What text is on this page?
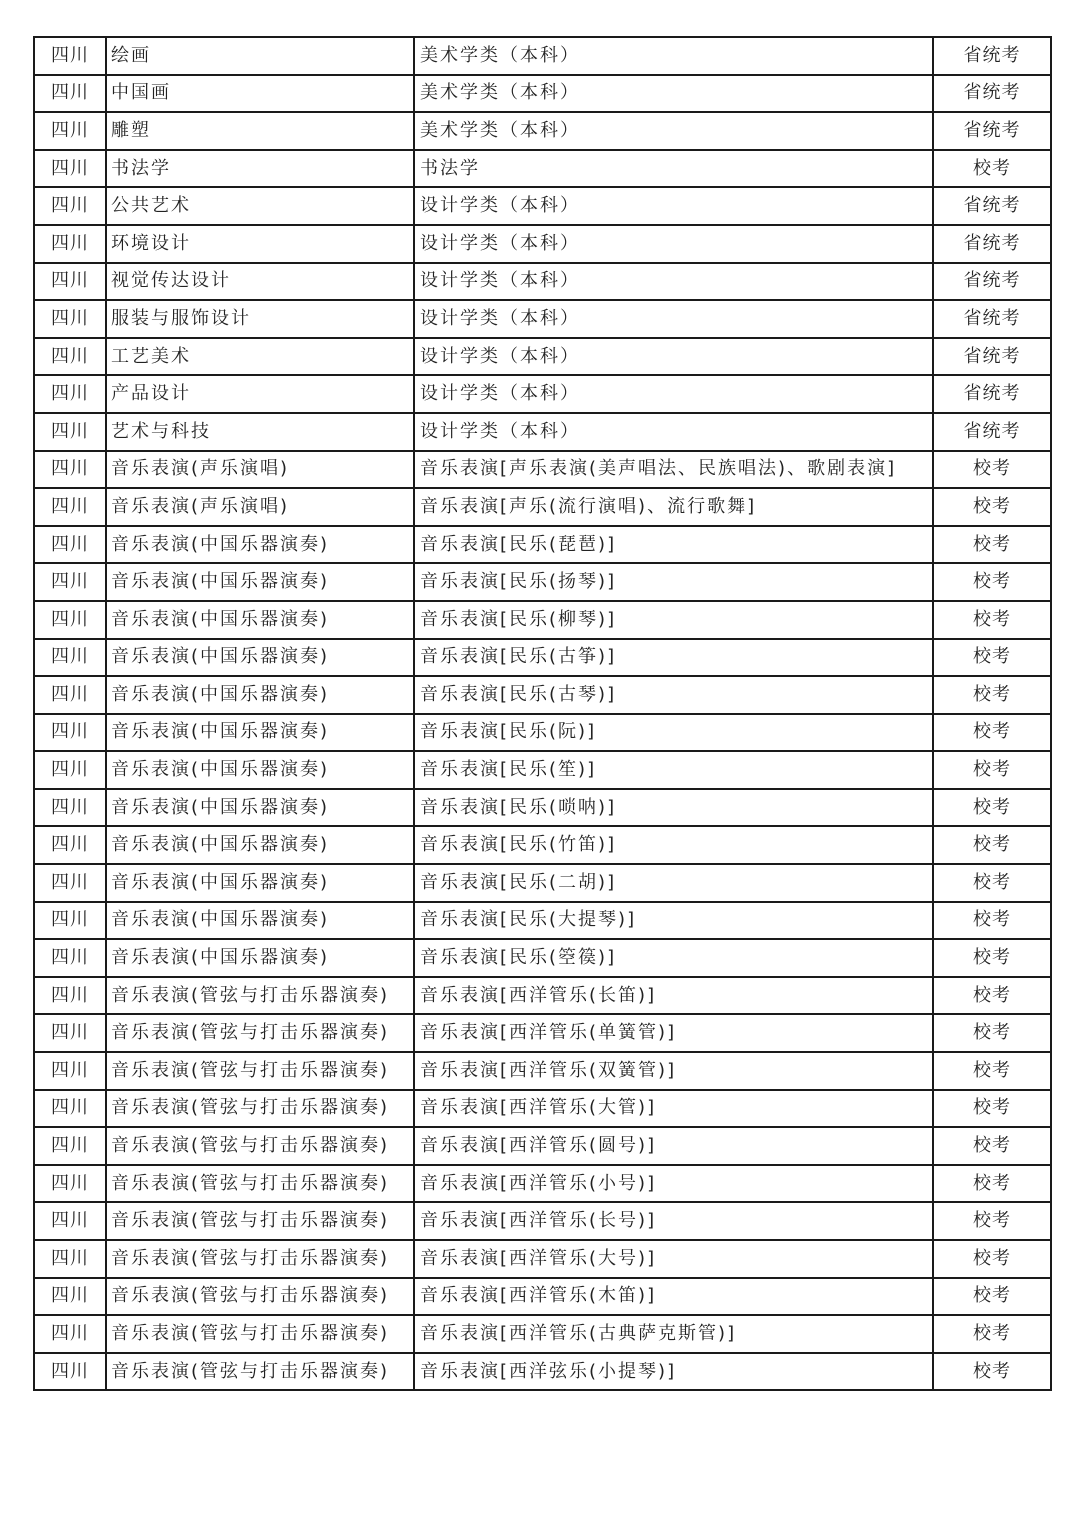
四川	绘画	美术学类（本科）	省统考
四川	中国画	美术学类（本科）	省统考
四川	雕塑	美术学类（本科）	省统考
四川	书法学	书法学	校考
四川	公共艺术	设计学类（本科）	省统考
四川	环境设计	设计学类（本科）	省统考
四川	视觉传达设计	设计学类（本科）	省统考
四川	服装与服饰设计	设计学类（本科）	省统考
四川	工艺美术	设计学类（本科）	省统考
四川	产品设计	设计学类（本科）	省统考
四川	艺术与科技	设计学类（本科）	省统考
四川	音乐表演(声乐演唱)	音乐表演[声乐表演(美声唱法、民族唱法)、歌剧表演]	校考
四川	音乐表演(声乐演唱)	音乐表演[声乐(流行演唱)、流行歌舞]	校考
四川	音乐表演(中国乐器演奏)	音乐表演[民乐(琵琶)]	校考
四川	音乐表演(中国乐器演奏)	音乐表演[民乐(扬琴)]	校考
四川	音乐表演(中国乐器演奏)	音乐表演[民乐(柳琴)]	校考
四川	音乐表演(中国乐器演奏)	音乐表演[民乐(古筝)]	校考
四川	音乐表演(中国乐器演奏)	音乐表演[民乐(古琴)]	校考
四川	音乐表演(中国乐器演奏)	音乐表演[民乐(阮)]	校考
四川	音乐表演(中国乐器演奏)	音乐表演[民乐(笙)]	校考
四川	音乐表演(中国乐器演奏)	音乐表演[民乐(唢呐)]	校考
四川	音乐表演(中国乐器演奏)	音乐表演[民乐(竹笛)]	校考
四川	音乐表演(中国乐器演奏)	音乐表演[民乐(二胡)]	校考
四川	音乐表演(中国乐器演奏)	音乐表演[民乐(大提琴)]	校考
四川	音乐表演(中国乐器演奏)	音乐表演[民乐(箜篌)]	校考
四川	音乐表演(管弦与打击乐器演奏)	音乐表演[西洋管乐(长笛)]	校考
四川	音乐表演(管弦与打击乐器演奏)	音乐表演[西洋管乐(单簧管)]	校考
四川	音乐表演(管弦与打击乐器演奏)	音乐表演[西洋管乐(双簧管)]	校考
四川	音乐表演(管弦与打击乐器演奏)	音乐表演[西洋管乐(大管)]	校考
四川	音乐表演(管弦与打击乐器演奏)	音乐表演[西洋管乐(圆号)]	校考
四川	音乐表演(管弦与打击乐器演奏)	音乐表演[西洋管乐(小号)]	校考
四川	音乐表演(管弦与打击乐器演奏)	音乐表演[西洋管乐(长号)]	校考
四川	音乐表演(管弦与打击乐器演奏)	音乐表演[西洋管乐(大号)]	校考
四川	音乐表演(管弦与打击乐器演奏)	音乐表演[西洋管乐(木笛)]	校考
四川	音乐表演(管弦与打击乐器演奏)	音乐表演[西洋管乐(古典萨克斯管)]	校考
四川	音乐表演(管弦与打击乐器演奏)	音乐表演[西洋弦乐(小提琴)]	校考
